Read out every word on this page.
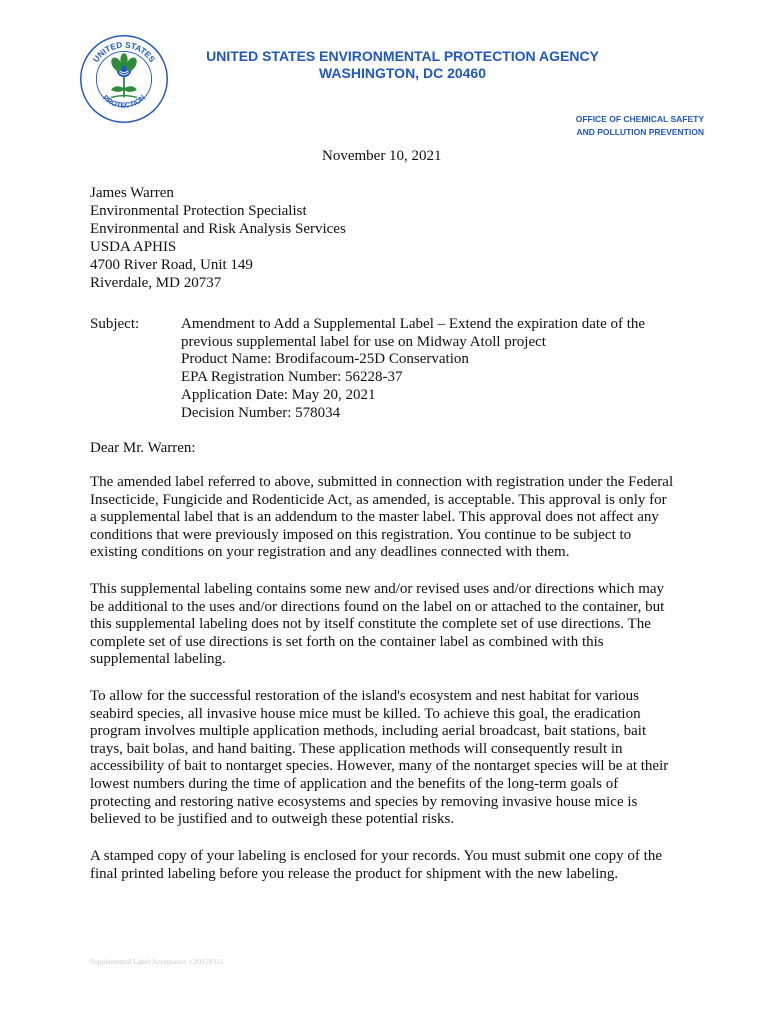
UNITED STATES
PROTECTION
UNITED STATES ENVIRONMENTAL PROTECTION AGENCY
WASHINGTON, DC 20460
OFFICE OF CHEMICAL SAFETY
AND POLLUTION PREVENTION
November 10, 2021
James Warren
Environmental Protection Specialist
Environmental and Risk Analysis Services
USDA APHIS
4700 River Road, Unit 149
Riverdale, MD 20737
Subject:	Amendment to Add a Supplemental Label – Extend the expiration date of the
previous supplemental label for use on Midway Atoll project
Product Name: Brodifacoum-25D Conservation
EPA Registration Number: 56228-37
Application Date: May 20, 2021
Decision Number: 578034
Dear Mr. Warren:
The amended label referred to above, submitted in connection with registration under the Federal
Insecticide, Fungicide and Rodenticide Act, as amended, is acceptable. This approval is only for
a supplemental label that is an addendum to the master label. This approval does not affect any
conditions that were previously imposed on this registration. You continue to be subject to
existing conditions on your registration and any deadlines connected with them.
This supplemental labeling contains some new and/or revised uses and/or directions which may
be additional to the uses and/or directions found on the label on or attached to the container, but
this supplemental labeling does not by itself constitute the complete set of use directions. The
complete set of use directions is set forth on the container label as combined with this
supplemental labeling.
To allow for the successful restoration of the island's ecosystem and nest habitat for various
seabird species, all invasive house mice must be killed. To achieve this goal, the eradication
program involves multiple application methods, including aerial broadcast, bait stations, bait
trays, bait bolas, and hand baiting. These application methods will consequently result in
accessibility of bait to nontarget species. However, many of the nontarget species will be at their
lowest numbers during the time of application and the benefits of the long-term goals of
protecting and restoring native ecosystems and species by removing invasive house mice is
believed to be justified and to outweigh these potential risks.
A stamped copy of your labeling is enclosed for your records. You must submit one copy of the
final printed labeling before you release the product for shipment with the new labeling.
Supplemental Label Acceptance v.20150311
